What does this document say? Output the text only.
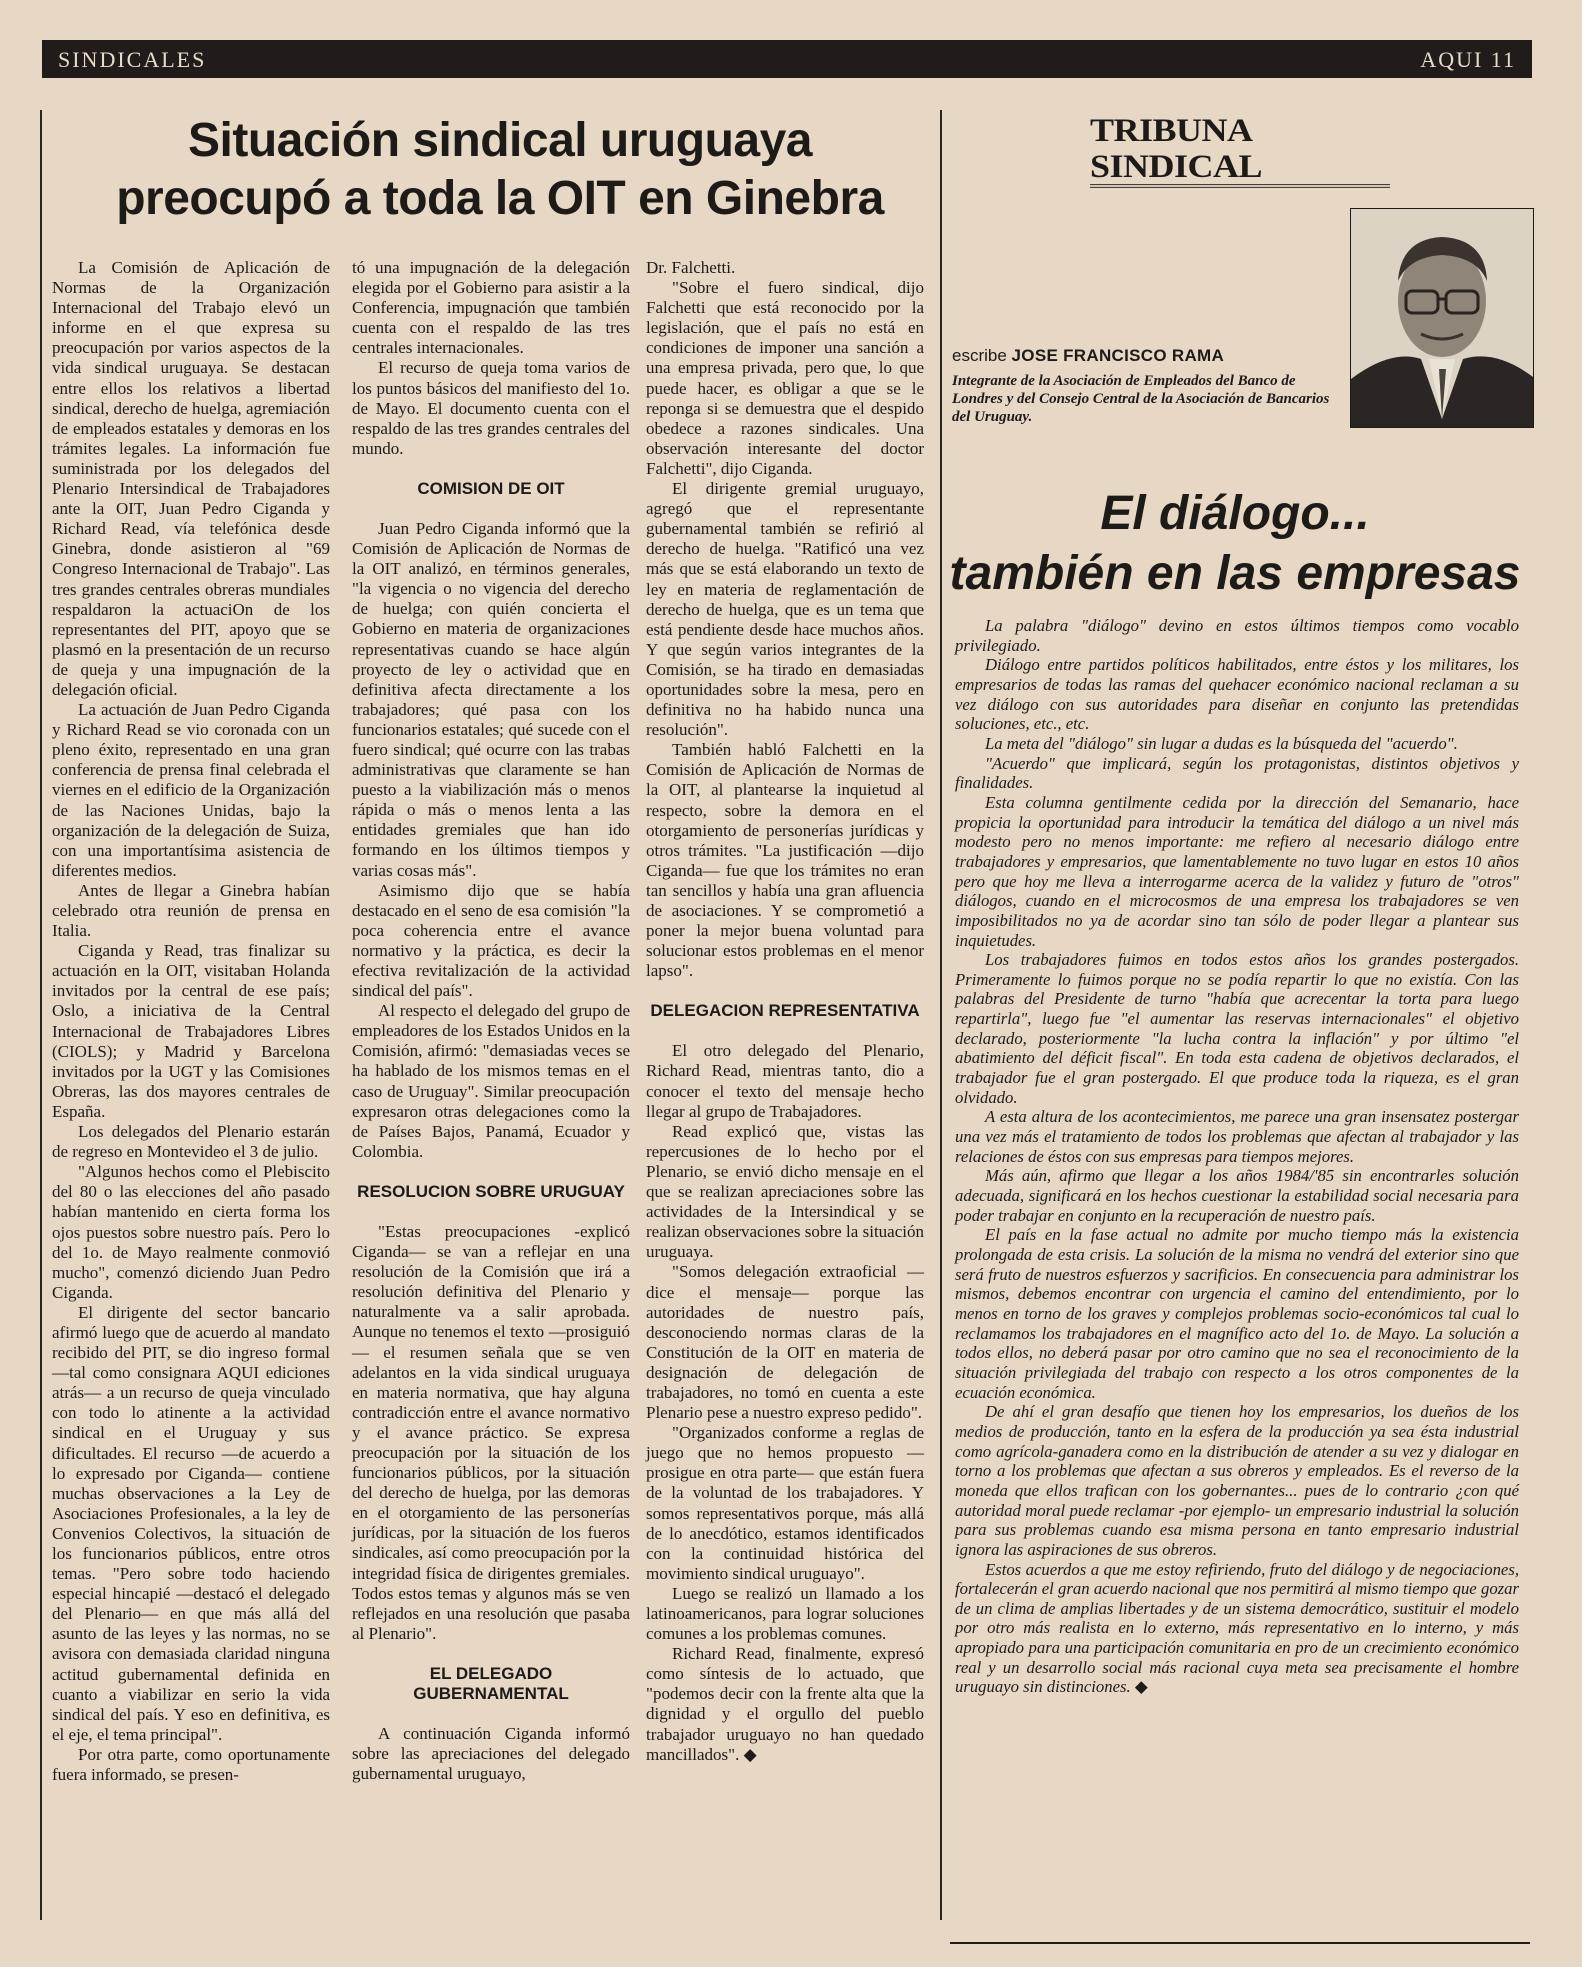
SINDICALES	AQUI 11
Situación sindical uruguaya
preocupó a toda la OIT en Ginebra

La Comisión de Aplicación de Normas de la Organización Internacional del Trabajo elevó un informe en el que expresa su preocupación por varios aspectos de la vida sindical uruguaya. Se destacan entre ellos los relativos a libertad sindical, derecho de huelga, agremiación de empleados estatales y demoras en los trámites legales. La información fue suministrada por los delegados del Plenario Intersindical de Trabajadores ante la OIT, Juan Pedro Ciganda y Richard Read, vía telefónica desde Ginebra, donde asistieron al "69 Congreso Internacional de Trabajo". Las tres grandes centrales obreras mundiales respaldaron la actuaciOn de los representantes del PIT, apoyo que se plasmó en la presentación de un recurso de queja y una impugnación de la delegación oficial.

La actuación de Juan Pedro Ciganda y Richard Read se vio coronada con un pleno éxito, representado en una gran conferencia de prensa final celebrada el viernes en el edificio de la Organización de las Naciones Unidas, bajo la organización de la delegación de Suiza, con una importantísima asistencia de diferentes medios.

Antes de llegar a Ginebra habían celebrado otra reunión de prensa en Italia.

Ciganda y Read, tras finalizar su actuación en la OIT, visitaban Holanda invitados por la central de ese país; Oslo, a iniciativa de la Central Internacional de Trabajadores Libres (CIOLS); y Madrid y Barcelona invitados por la UGT y las Comisiones Obreras, las dos mayores centrales de España.

Los delegados del Plenario estarán de regreso en Montevideo el 3 de julio.

"Algunos hechos como el Plebiscito del 80 o las elecciones del año pasado habían mantenido en cierta forma los ojos puestos sobre nuestro país. Pero lo del 1o. de Mayo realmente conmovió mucho", comenzó diciendo Juan Pedro Ciganda.

El dirigente del sector bancario afirmó luego que de acuerdo al mandato recibido del PIT, se dio ingreso formal —tal como consignara AQUI ediciones atrás— a un recurso de queja vinculado con todo lo atinente a la actividad sindical en el Uruguay y sus dificultades. El recurso —de acuerdo a lo expresado por Ciganda— contiene muchas observaciones a la Ley de Asociaciones Profesionales, a la ley de Convenios Colectivos, la situación de los funcionarios públicos, entre otros temas. "Pero sobre todo haciendo especial hincapié —destacó el delegado del Plenario— en que más allá del asunto de las leyes y las normas, no se avisora con demasiada claridad ninguna actitud gubernamental definida en cuanto a viabilizar en serio la vida sindical del país. Y eso en definitiva, es el eje, el tema principal".

Por otra parte, como oportunamente fuera informado, se presen-

tó una impugnación de la delegación elegida por el Gobierno para asistir a la Conferencia, impugnación que también cuenta con el respaldo de las tres centrales internacionales.

El recurso de queja toma varios de los puntos básicos del manifiesto del 1o. de Mayo. El documento cuenta con el respaldo de las tres grandes centrales del mundo.

COMISION DE OIT

Juan Pedro Ciganda informó que la Comisión de Aplicación de Normas de la OIT analizó, en términos generales, "la vigencia o no vigencia del derecho de huelga; con quién concierta el Gobierno en materia de organizaciones representativas cuando se hace algún proyecto de ley o actividad que en definitiva afecta directamente a los trabajadores; qué pasa con los funcionarios estatales; qué sucede con el fuero sindical; qué ocurre con las trabas administrativas que claramente se han puesto a la viabilización más o menos rápida o más o menos lenta a las entidades gremiales que han ido formando en los últimos tiempos y varias cosas más".

Asimismo dijo que se había destacado en el seno de esa comisión "la poca coherencia entre el avance normativo y la práctica, es decir la efectiva revitalización de la actividad sindical del país".

Al respecto el delegado del grupo de empleadores de los Estados Unidos en la Comisión, afirmó: "demasiadas veces se ha hablado de los mismos temas en el caso de Uruguay". Similar preocupación expresaron otras delegaciones como la de Países Bajos, Panamá, Ecuador y Colombia.

RESOLUCION SOBRE URUGUAY

"Estas preocupaciones -explicó Ciganda— se van a reflejar en una resolución de la Comisión que irá a resolución definitiva del Plenario y naturalmente va a salir aprobada. Aunque no tenemos el texto —prosiguió— el resumen señala que se ven adelantos en la vida sindical uruguaya en materia normativa, que hay alguna contradicción entre el avance normativo y el avance práctico. Se expresa preocupación por la situación de los funcionarios públicos, por la situación del derecho de huelga, por las demoras en el otorgamiento de las personerías jurídicas, por la situación de los fueros sindicales, así como preocupación por la integridad física de dirigentes gremiales. Todos estos temas y algunos más se ven reflejados en una resolución que pasaba al Plenario".

EL DELEGADO GUBERNAMENTAL

A continuación Ciganda informó sobre las apreciaciones del delegado gubernamental uruguayo,

Dr. Falchetti.

"Sobre el fuero sindical, dijo Falchetti que está reconocido por la legislación, que el país no está en condiciones de imponer una sanción a una empresa privada, pero que, lo que puede hacer, es obligar a que se le reponga si se demuestra que el despido obedece a razones sindicales. Una observación interesante del doctor Falchetti", dijo Ciganda.

El dirigente gremial uruguayo, agregó que el representante gubernamental también se refirió al derecho de huelga. "Ratificó una vez más que se está elaborando un texto de ley en materia de reglamentación de derecho de huelga, que es un tema que está pendiente desde hace muchos años. Y que según varios integrantes de la Comisión, se ha tirado en demasiadas oportunidades sobre la mesa, pero en definitiva no ha habido nunca una resolución".

También habló Falchetti en la Comisión de Aplicación de Normas de la OIT, al plantearse la inquietud al respecto, sobre la demora en el otorgamiento de personerías jurídicas y otros trámites. "La justificación —dijo Ciganda— fue que los trámites no eran tan sencillos y había una gran afluencia de asociaciones. Y se comprometió a poner la mejor buena voluntad para solucionar estos problemas en el menor lapso".

DELEGACION REPRESENTATIVA

El otro delegado del Plenario, Richard Read, mientras tanto, dio a conocer el texto del mensaje hecho llegar al grupo de Trabajadores.

Read explicó que, vistas las repercusiones de lo hecho por el Plenario, se envió dicho mensaje en el que se realizan apreciaciones sobre las actividades de la Intersindical y se realizan observaciones sobre la situación uruguaya.

"Somos delegación extraoficial —dice el mensaje— porque las autoridades de nuestro país, desconociendo normas claras de la Constitución de la OIT en materia de designación de delegación de trabajadores, no tomó en cuenta a este Plenario pese a nuestro expreso pedido".

"Organizados conforme a reglas de juego que no hemos propuesto —prosigue en otra parte— que están fuera de la voluntad de los trabajadores. Y somos representativos porque, más allá de lo anecdótico, estamos identificados con la continuidad histórica del movimiento sindical uruguayo".

Luego se realizó un llamado a los latinoamericanos, para lograr soluciones comunes a los problemas comunes.

Richard Read, finalmente, expresó como síntesis de lo actuado, que "podemos decir con la frente alta que la dignidad y el orgullo del pueblo trabajador uruguayo no han quedado mancillados". ◆

TRIBUNA SINDICAL
escribe JOSE FRANCISCO RAMA
Integrante de la Asociación de Empleados del Banco de Londres y del Consejo Central de la Asociación de Bancarios del Uruguay.
El diálogo...
también en las empresas

La palabra "diálogo" devino en estos últimos tiempos como vocablo privilegiado.

Diálogo entre partidos políticos habilitados, entre éstos y los militares, los empresarios de todas las ramas del quehacer económico nacional reclaman a su vez diálogo con sus autoridades para diseñar en conjunto las pretendidas soluciones, etc., etc.

La meta del "diálogo" sin lugar a dudas es la búsqueda del "acuerdo".

"Acuerdo" que implicará, según los protagonistas, distintos objetivos y finalidades.

Esta columna gentilmente cedida por la dirección del Semanario, hace propicia la oportunidad para introducir la temática del diálogo a un nivel más modesto pero no menos importante: me refiero al necesario diálogo entre trabajadores y empresarios, que lamentablemente no tuvo lugar en estos 10 años pero que hoy me lleva a interrogarme acerca de la validez y futuro de "otros" diálogos, cuando en el microcosmos de una empresa los trabajadores se ven imposibilitados no ya de acordar sino tan sólo de poder llegar a plantear sus inquietudes.

Los trabajadores fuimos en todos estos años los grandes postergados. Primeramente lo fuimos porque no se podía repartir lo que no existía. Con las palabras del Presidente de turno "había que acrecentar la torta para luego repartirla", luego fue "el aumentar las reservas internacionales" el objetivo declarado, posteriormente "la lucha contra la inflación" y por último "el abatimiento del déficit fiscal". En toda esta cadena de objetivos declarados, el trabajador fue el gran postergado. El que produce toda la riqueza, es el gran olvidado.

A esta altura de los acontecimientos, me parece una gran insensatez postergar una vez más el tratamiento de todos los problemas que afectan al trabajador y las relaciones de éstos con sus empresas para tiempos mejores.

Más aún, afirmo que llegar a los años 1984/'85 sin encontrarles solución adecuada, significará en los hechos cuestionar la estabilidad social necesaria para poder trabajar en conjunto en la recuperación de nuestro país.

El país en la fase actual no admite por mucho tiempo más la existencia prolongada de esta crisis. La solución de la misma no vendrá del exterior sino que será fruto de nuestros esfuerzos y sacrificios. En consecuencia para administrar los mismos, debemos encontrar con urgencia el camino del entendimiento, por lo menos en torno de los graves y complejos problemas socio-económicos tal cual lo reclamamos los trabajadores en el magnífico acto del 1o. de Mayo. La solución a todos ellos, no deberá pasar por otro camino que no sea el reconocimiento de la situación privilegiada del trabajo con respecto a los otros componentes de la ecuación económica.

De ahí el gran desafío que tienen hoy los empresarios, los dueños de los medios de producción, tanto en la esfera de la producción ya sea ésta industrial como agrícola-ganadera como en la distribución de atender a su vez y dialogar en torno a los problemas que afectan a sus obreros y empleados. Es el reverso de la moneda que ellos trafican con los gobernantes... pues de lo contrario ¿con qué autoridad moral puede reclamar -por ejemplo- un empresario industrial la solución para sus problemas cuando esa misma persona en tanto empresario industrial ignora las aspiraciones de sus obreros.

Estos acuerdos a que me estoy refiriendo, fruto del diálogo y de negociaciones, fortalecerán el gran acuerdo nacional que nos permitirá al mismo tiempo que gozar de un clima de amplias libertades y de un sistema democrático, sustituir el modelo por otro más realista en lo externo, más representativo en lo interno, y más apropiado para una participación comunitaria en pro de un crecimiento económico real y un desarrollo social más racional cuya meta sea precisamente el hombre uruguayo sin distinciones. ◆
